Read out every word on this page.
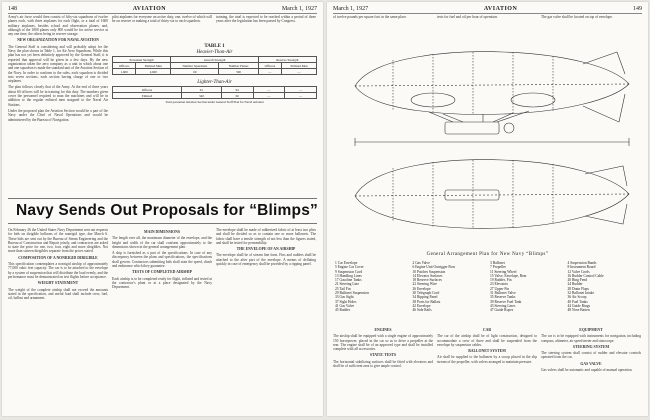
148	AVIATION	March 1, 1927

Army's air force would then consist of fifty-six squadrons of twelve planes each, with three airplanes for each flight, or a total of 1600 military airplanes, besides school and observation planes; and, although of the 1800 planes only 800 would be for active service at any one time, the others being in reserve storage.

NEW ORGANIZATION FOR NAVAL AVIATION

The General Staff is considering and will probably adopt for the Navy the plan shown in Table 1, for Air Aero Squadrons. While this plan has not yet been definitely approved by the General Staff, it is reported that approval will be given in a few days. By the new organization taken the aero company as a unit in which about one and one squadron is made the standard unit of the Aviation Section of the Navy. In order to conform to the rules, each squadron is divided into seven sections, each section having charge of one or two airplanes.

The plan follows closely that of the Army. At the end of three years about 60 officers will be in training for this duty. The numbers given cover the personnel required to man the machines and will be in addition to the regular enlisted men assigned to the Naval Air Stations.

Under the proposed plan the Aviation Section would be a part of the Navy under the Chief of Naval Operations and would be administered by the Bureau of Navigation.

pilot airplanes for everyone on active duty, one, twelve of which will be on reserve or making a total of thirty-six to each squadron.

training, the total is expected to be reached within a period of three years after the legislation has been passed by Congress.

TABLE 1
Heavier-Than-Air
Personnel Strength		Aircraft Strength		Reserve Strength	
Officers	Enlisted Men	Number Squadrons	Number Planes	Officers	Enlisted Men
1,600	2,600	69	590	—	—
Lighter-Than-Air
Officers	61	94	—	—
Enlisted	340	60	—	—
Total personnel Aviation Section under General Staff Plan for Naval Aviation
Navy Sends Out Proposals for “Blimps”

On February 26 the United States Navy Department sent out requests for bids on dirigible balloons of the nonrigid type, due March 6. These bids are sent out by the Bureau of Steam Engineering and the Bureau of Construction and Repair jointly, and contractors are asked to state the price for one, two, four, eight and more dirigibles. Not more than sixteen dirigibles separate from the prices stated.

COMPOSITION OF A NONRIGID DIRIGIBLE

This specification contemplates a nonrigid airship of approximately 77,000 cubic feet capacity. The car is to be attached to the envelope by a system of suspension that will distribute the load evenly, and the performance must be demonstrated on test flights before acceptance.

WEIGHT STATEMENT

The weight of the complete airship shall not exceed the amounts stated in the specification, and useful load shall include crew, fuel, oil, ballast and armament.

MAIN DIMENSIONS

The length over all, the maximum diameter of the envelope, and the height and width of the car shall conform approximately to the dimensions shown in the general arrangement plan.

A ship is furnished as a part of the specifications. In case of any discrepancy between the plans and specifications, the specifications shall govern. Contractors submitting bids shall state the speed, climb and endurance which they guarantee.

TESTS OF COMPLETED AIRSHIP

Each airship is to be completed ready for flight, inflated and tested at the contractor's plant or at a place designated by the Navy Department.

The envelope shall be made of rubberized fabric of at least two plies and shall be divided so as to contain one or more ballonets. The fabric shall have a tensile strength of not less than the figures stated, and shall be tested for permeability.

THE ENVELOPE OF AN AIRSHIP

The envelope shall be of stream line form. Fins and rudders shall be attached to the after part of the envelope. A means of deflating quickly in case of emergency shall be provided by a ripping panel.

March 1, 1927	AVIATION	149

of twelve pounds per square foot in the same place.	tests for fuel and oil per hour of operation.	The gas valve shall be located on top of envelope.

General Arrangement Plan for New Navy “Blimps”
1 Car Envelope	2 Gas Valve	3 Ballonet	4 Suspension Bands
5 Engine Car Cover	6 Engine Unit Outrigger Bow	7 Propeller	8 Instrument Board
9 Suspension Cord	10 Patches Suspension	11 Steering Wheel	12 Valve Cords
13 Handling Lines	14 Elevator Surfaces	15 Valve, Envelope, Rear	16 Rudder Control Cable
17 Gasoline Tanks	18 Reserve Surfaces	19 Rudder, Fin	20 Ring Fend
21 Steering Line	22 Steering Wire	23 Elevators	24 Rudder
25 Tail Fin	26 Envelope	27 Upper Fin	28 Drain Flaps
29 Ballonet Suspension	30 Telegraph Cord	31 Ballonet Valve	32 Ballonet Intake
33 Gas Sight	34 Ripping Panel	35 Reserve Tanks	36 Air Scoop
37 Sight Holes	38 Ports for Ballast	39 Reserve Fuel Tank	40 Fuel Tanks
41 Gas Valve	42 Envelope	43 Steering Lines	44 Guide Rings
45 Rudder	46 Side Rails	47 Guide Ropes	48 Nose Batten
ENGINES

The airship shall be equipped with a single engine of approximately 150 horsepower, placed in the car so as to drive a propeller at the rear. The engine shall be of an approved type and shall be installed complete with all accessories.

STATIC TESTS

The horizontal stabilizing surfaces shall be fitted with elevators and shall be of sufficient area to give ample control.

CAR

The car of the airship shall be of light construction, designed to accommodate a crew of three and shall be suspended from the envelope by suspension cables.

BALLONET SYSTEM

Air shall be supplied to the ballonets by a scoop placed in the slip stream of the propeller, with valves arranged to maintain pressure.

EQUIPMENT

The car is to be equipped with instruments for navigation, including compass, altimeter, air speed meter and statoscope.

STEERING SYSTEM

The steering system shall consist of rudder and elevator controls operated from the car.

GAS VALVE

Gas valves shall be automatic and capable of manual operation.
